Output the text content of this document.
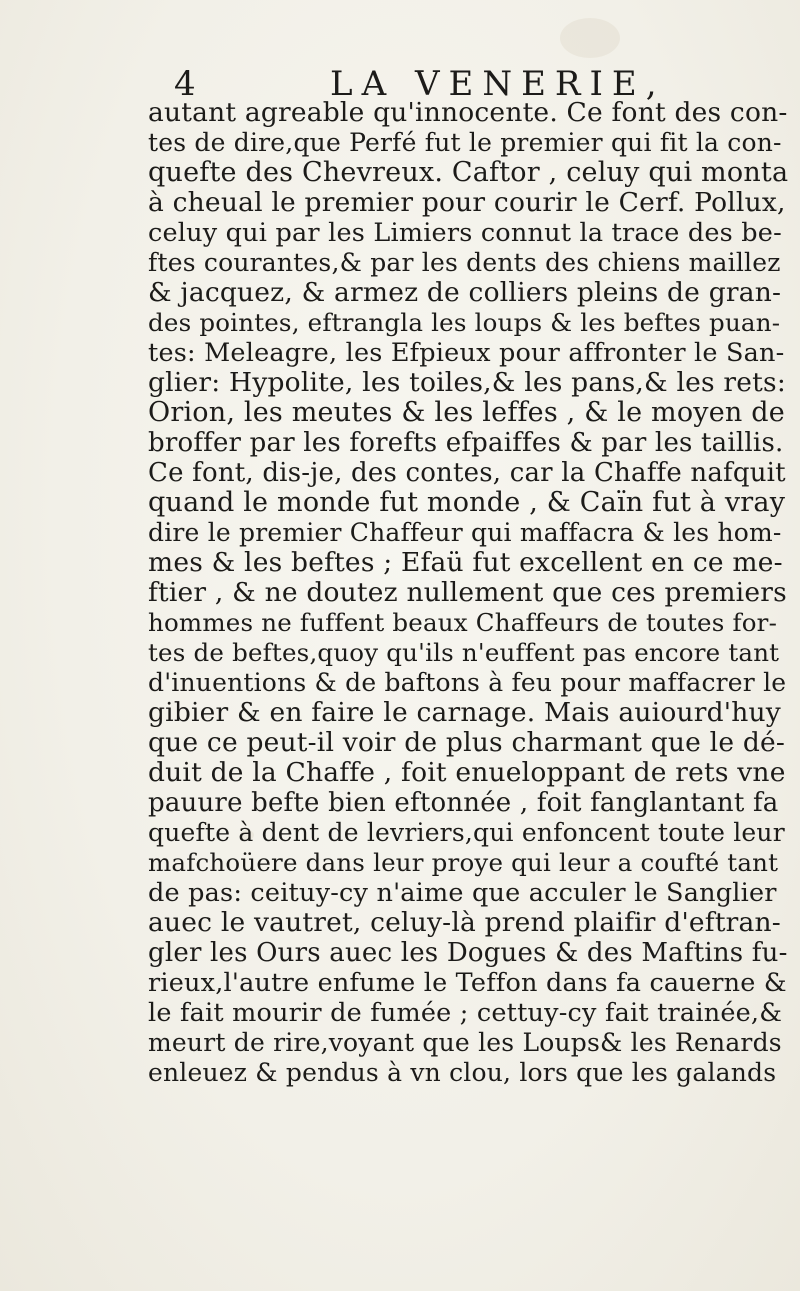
4	LA VENERIE,
autant agreable qu'innocente. Ce font des con-
tes de dire,que Perfé fut le premier qui fit la con-
quefte des Chevreux. Caftor , celuy qui monta
à cheual le premier pour courir le Cerf. Pollux,
celuy qui par les Limiers connut la trace des be-
ftes courantes,& par les dents des chiens maillez
& jacquez, & armez de colliers pleins de gran-
des pointes, eftrangla les loups & les beftes puan-
tes: Meleagre, les Efpieux pour affronter le San-
glier: Hypolite, les toiles,& les pans,& les rets:
Orion, les meutes & les leffes , & le moyen de
broffer par les forefts efpaiffes & par les taillis.
Ce font, dis-je, des contes, car la Chaffe nafquit
quand le monde fut monde , & Caïn fut à vray
dire le premier Chaffeur qui maffacra & les hom-
mes & les beftes ; Efaü fut excellent en ce me-
ftier , & ne doutez nullement que ces premiers
hommes ne fuffent beaux Chaffeurs de toutes for-
tes de beftes,quoy qu'ils n'euffent pas encore tant
d'inuentions & de baftons à feu pour maffacrer le
gibier & en faire le carnage. Mais auiourd'huy
que ce peut-il voir de plus charmant que le dé-
duit de la Chaffe , foit enueloppant de rets vne
pauure befte bien eftonnée , foit fanglantant fa
quefte à dent de levriers,qui enfoncent toute leur
mafchoüere dans leur proye qui leur a coufté tant
de pas: ceituy-cy n'aime que acculer le Sanglier
auec le vautret, celuy-là prend plaifir d'eftran-
gler les Ours auec les Dogues & des Maftins fu-
rieux,l'autre enfume le Teffon dans fa cauerne &
le fait mourir de fumée ; cettuy-cy fait trainée,&
meurt de rire,voyant que les Loups& les Renards
enleuez & pendus à vn clou, lors que les galands
